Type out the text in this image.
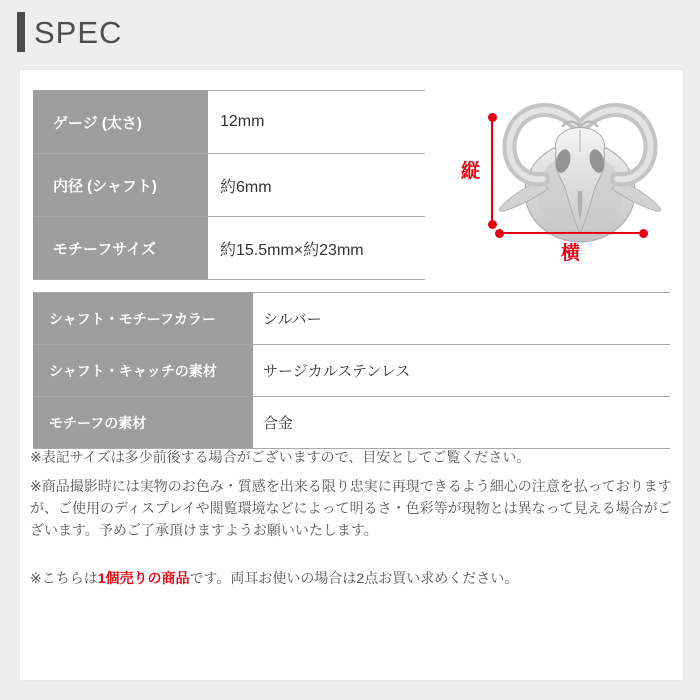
SPEC
ゲージ (太さ)	12mm
内径 (シャフト)	約6mm
モチーフサイズ	約15.5mm×約23mm
縦
横
シャフト・モチーフカラー	シルバー
シャフト・キャッチの素材	サージカルステンレス
モチーフの素材	合金

※表記サイズは多少前後する場合がございますので、目安としてご覧ください。

※商品撮影時には実物のお色み・質感を出来る限り忠実に再現できるよう細心の注意を払っておりますが、ご使用のディスプレイや閲覧環境などによって明るさ・色彩等が現物とは異なって見える場合がございます。予めご了承頂けますようお願いいたします。

※こちらは1個売りの商品です。両耳お使いの場合は2点お買い求めください。
